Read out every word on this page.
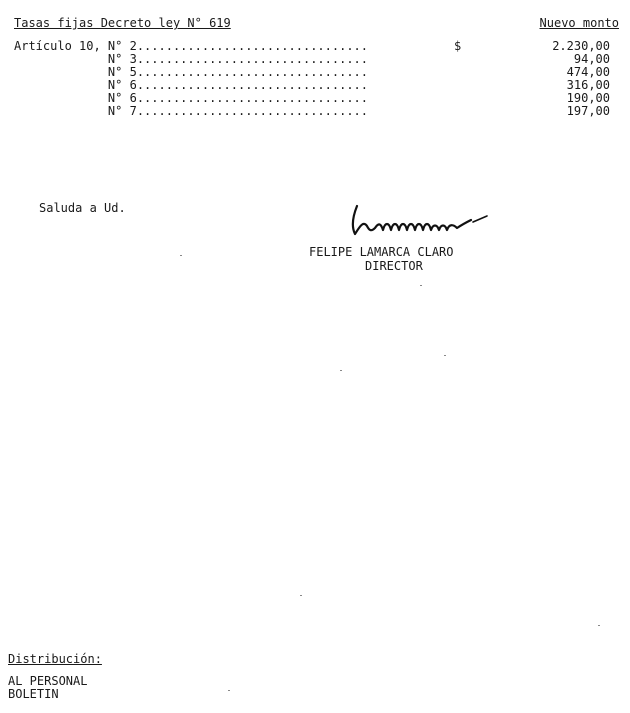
Tasas fijas Decreto ley N° 619	Nuevo monto
Artículo 10, N° 2................................	$	2.230,00
N° 3................................	94,00
N° 5................................	474,00
N° 6................................	316,00
N° 6................................	190,00
N° 7................................	197,00
Saluda a Ud.
FELIPE LAMARCA CLARO
DIRECTOR
Distribución:
AL PERSONAL
BOLETIN
